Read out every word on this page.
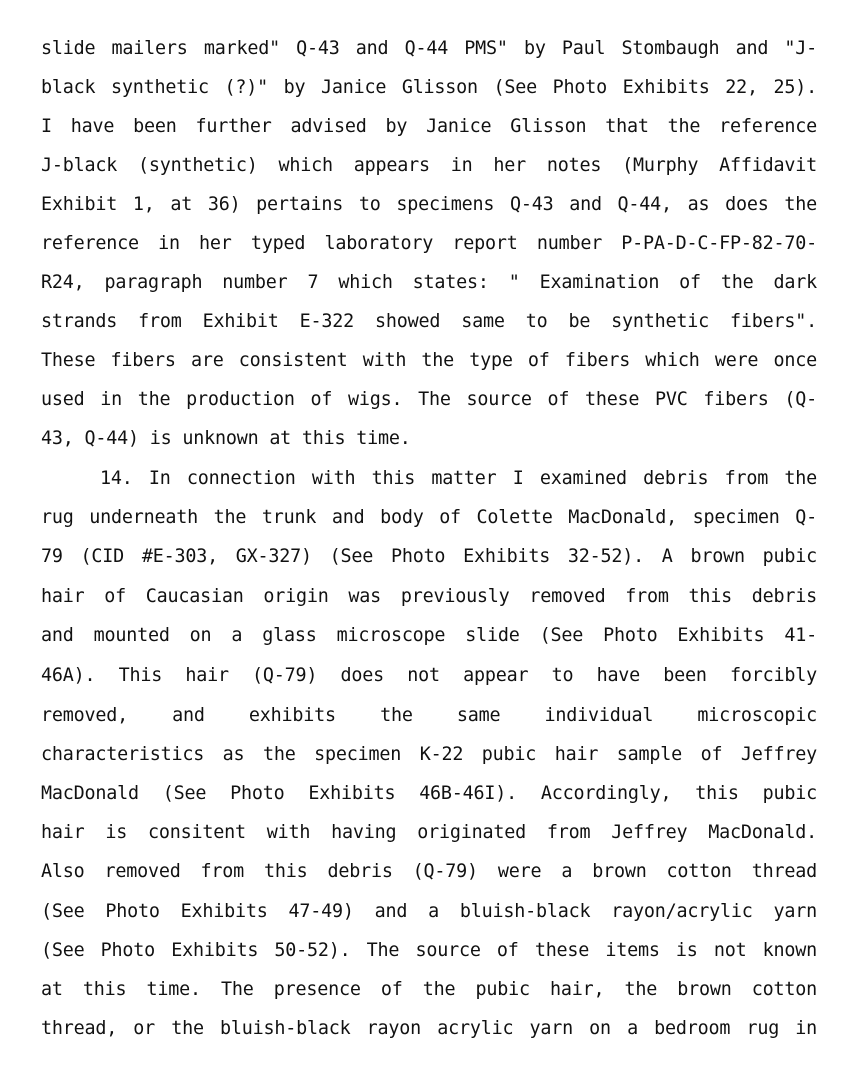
slide mailers marked" Q-43 and Q-44 PMS" by Paul Stombaugh and "J-
black synthetic (?)" by Janice Glisson (See Photo Exhibits 22, 25).
I have been further advised by Janice Glisson that the reference
J-black (synthetic) which appears in her notes (Murphy Affidavit
Exhibit 1, at 36) pertains to specimens Q-43 and Q-44, as does the
reference in her typed laboratory report number P-PA-D-C-FP-82-70-
R24, paragraph number 7 which states: " Examination of the dark
strands from Exhibit E-322 showed same to be synthetic fibers".
These fibers are consistent with the type of fibers which were once
used in the production of wigs. The source of these PVC fibers (Q-
43, Q-44) is unknown at this time.
14. In connection with this matter I examined debris from the
rug underneath the trunk and body of Colette MacDonald, specimen Q-
79 (CID #E-303, GX-327) (See Photo Exhibits 32-52). A brown pubic
hair of Caucasian origin was previously removed from this debris
and mounted on a glass microscope slide (See Photo Exhibits 41-
46A). This hair (Q-79) does not appear to have been forcibly
removed, and exhibits the same individual microscopic
characteristics as the specimen K-22 pubic hair sample of Jeffrey
MacDonald (See Photo Exhibits 46B-46I). Accordingly, this pubic
hair is consitent with having originated from Jeffrey MacDonald.
Also removed from this debris (Q-79) were a brown cotton thread
(See Photo Exhibits 47-49) and a bluish-black rayon/acrylic yarn
(See Photo Exhibits 50-52). The source of these items is not known
at this time. The presence of the pubic hair, the brown cotton
thread, or the bluish-black rayon acrylic yarn on a bedroom rug in
